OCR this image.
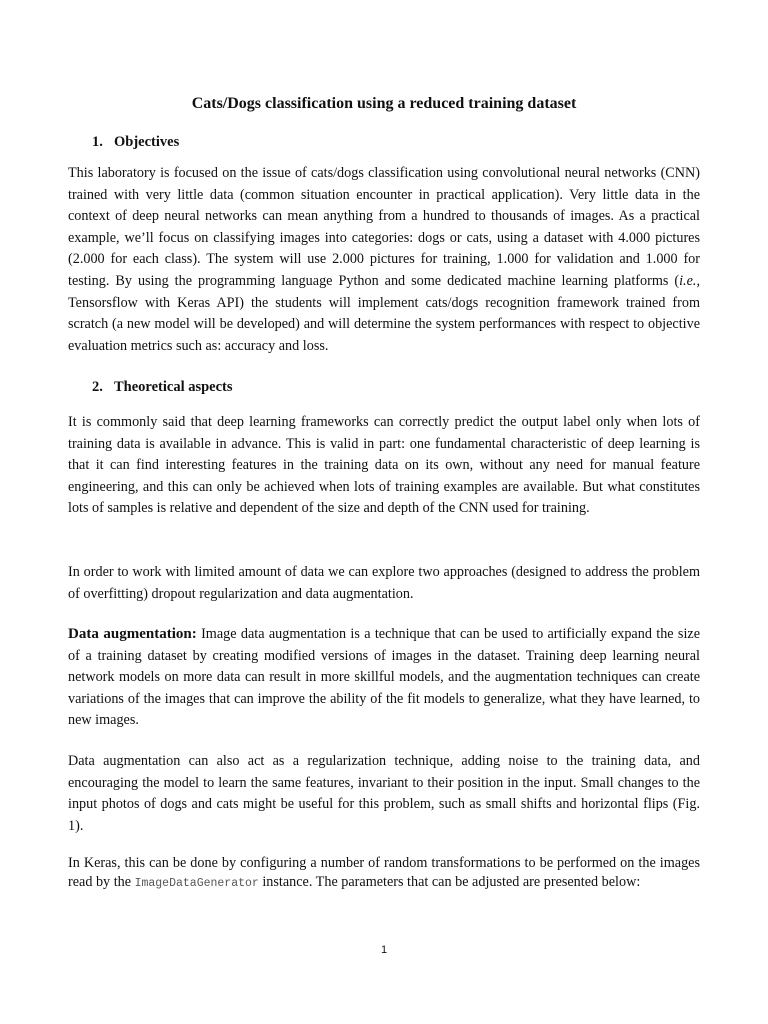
Cats/Dogs classification using a reduced training dataset
1. Objectives

This laboratory is focused on the issue of cats/dogs classification using convolutional neural networks (CNN) trained with very little data (common situation encounter in practical application). Very little data in the context of deep neural networks can mean anything from a hundred to thousands of images. As a practical example, we’ll focus on classifying images into categories: dogs or cats, using a dataset with 4.000 pictures (2.000 for each class). The system will use 2.000 pictures for training, 1.000 for validation and 1.000 for testing. By using the programming language Python and some dedicated machine learning platforms (i.e., Tensorsflow with Keras API) the students will implement cats/dogs recognition framework trained from scratch (a new model will be developed) and will determine the system performances with respect to objective evaluation metrics such as: accuracy and loss.

2. Theoretical aspects

It is commonly said that deep learning frameworks can correctly predict the output label only when lots of training data is available in advance. This is valid in part: one fundamental characteristic of deep learning is that it can find interesting features in the training data on its own, without any need for manual feature engineering, and this can only be achieved when lots of training examples are available. But what constitutes lots of samples is relative and dependent of the size and depth of the CNN used for training.

In order to work with limited amount of data we can explore two approaches (designed to address the problem of overfitting) dropout regularization and data augmentation.

Data augmentation: Image data augmentation is a technique that can be used to artificially expand the size of a training dataset by creating modified versions of images in the dataset. Training deep learning neural network models on more data can result in more skillful models, and the augmentation techniques can create variations of the images that can improve the ability of the fit models to generalize, what they have learned, to new images.

Data augmentation can also act as a regularization technique, adding noise to the training data, and encouraging the model to learn the same features, invariant to their position in the input. Small changes to the input photos of dogs and cats might be useful for this problem, such as small shifts and horizontal flips (Fig. 1).

In Keras, this can be done by configuring a number of random transformations to be performed on the images read by the ImageDataGenerator instance. The parameters that can be adjusted are presented below:

1
